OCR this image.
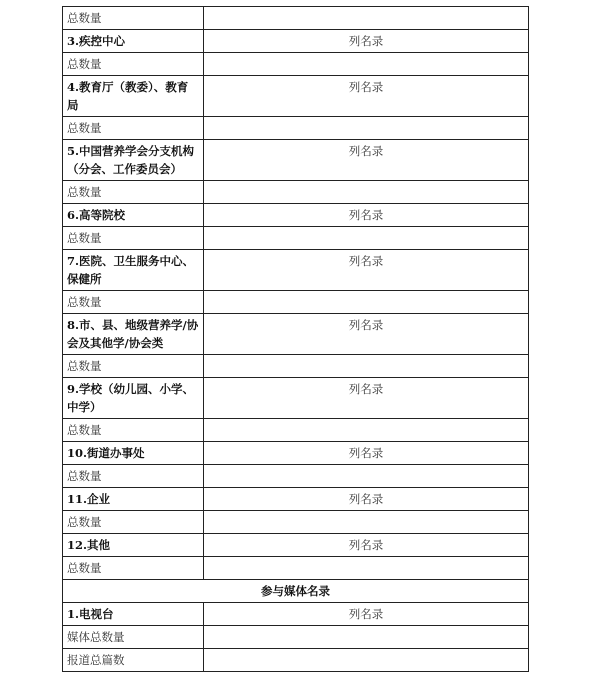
总数量	
3.疾控中心	列名录
总数量	
4.教育厅（教委）、教育局	列名录
总数量	
5.中国营养学会分支机构（分会、工作委员会）	列名录
总数量	
6.高等院校	列名录
总数量	
7.医院、卫生服务中心、保健所	列名录
总数量	
8.市、县、地级营养学/协会及其他学/协会类	列名录
总数量	
9.学校（幼儿园、小学、中学）	列名录
总数量	
10.街道办事处	列名录
总数量	
11.企业	列名录
总数量	
12.其他	列名录
总数量	
参与媒体名录	
1.电视台	列名录
媒体总数量	
报道总篇数	
